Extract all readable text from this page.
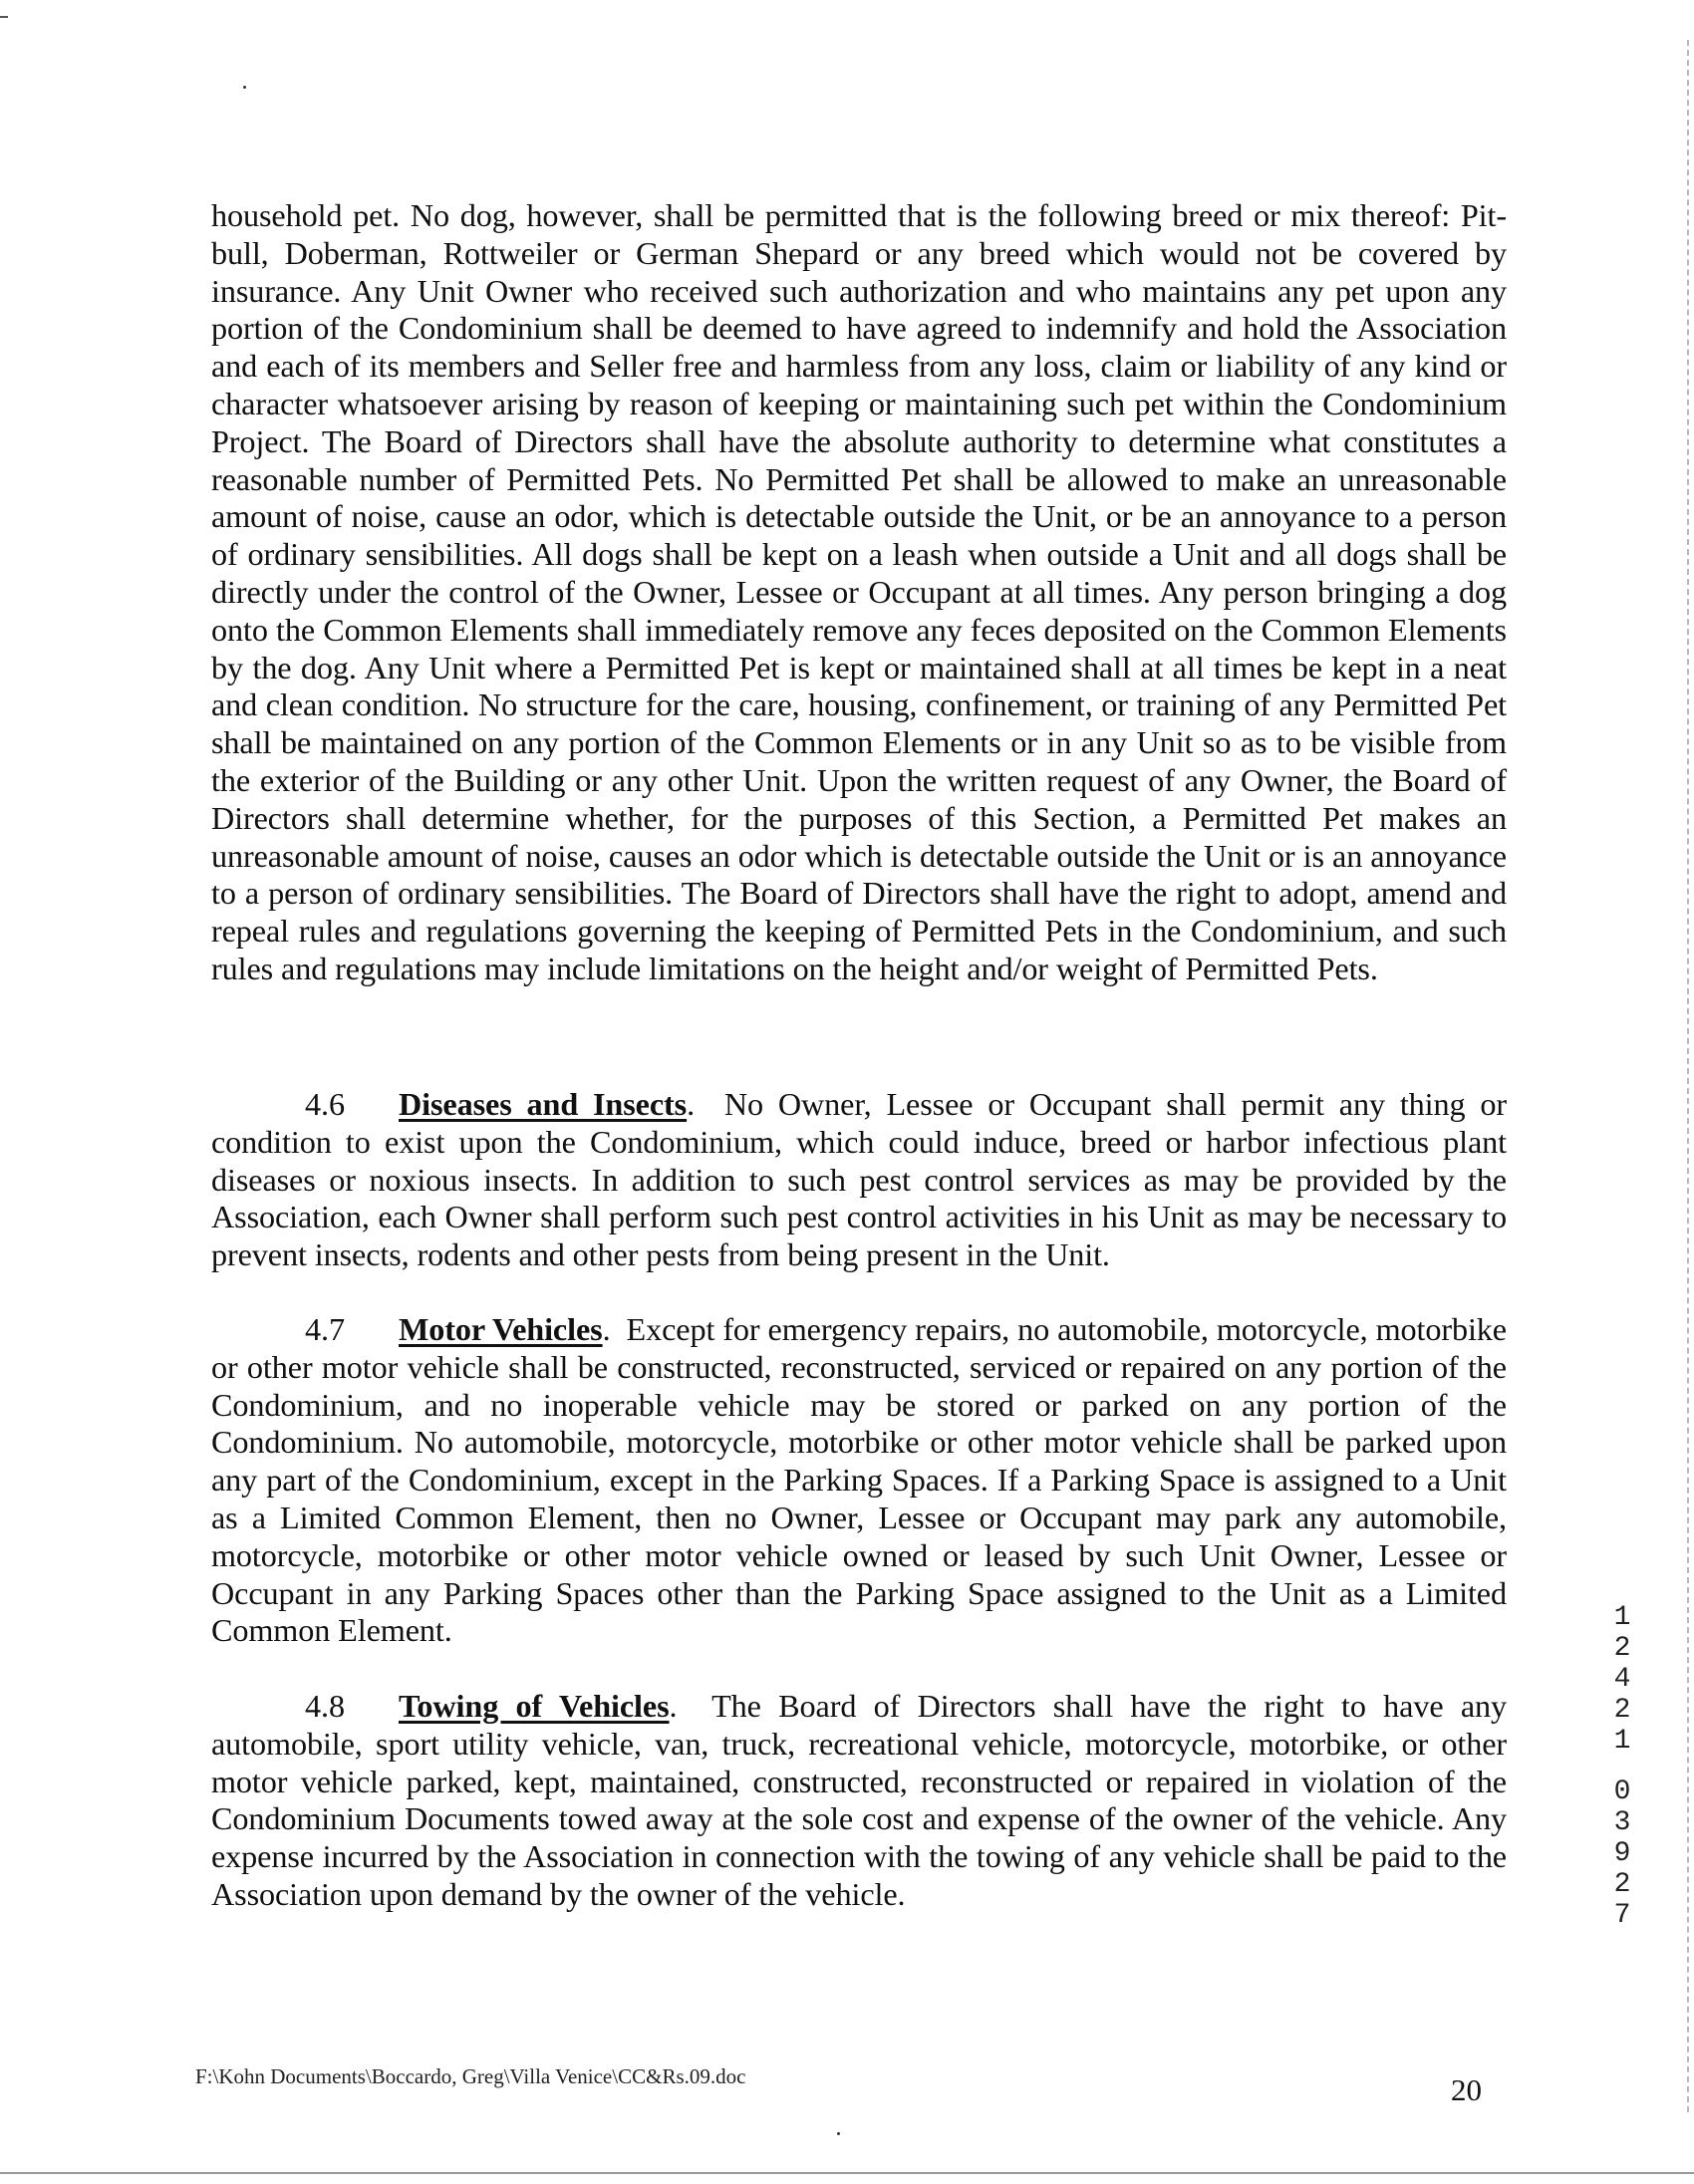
household pet. No dog, however, shall be permitted that is the following breed or mix thereof: Pit-bull, Doberman, Rottweiler or German Shepard or any breed which would not be covered by insurance. Any Unit Owner who received such authorization and who maintains any pet upon any portion of the Condominium shall be deemed to have agreed to indemnify and hold the Association and each of its members and Seller free and harmless from any loss, claim or liability of any kind or character whatsoever arising by reason of keeping or maintaining such pet within the Condominium Project. The Board of Directors shall have the absolute authority to determine what constitutes a reasonable number of Permitted Pets. No Permitted Pet shall be allowed to make an unreasonable amount of noise, cause an odor, which is detectable outside the Unit, or be an annoyance to a person of ordinary sensibilities. All dogs shall be kept on a leash when outside a Unit and all dogs shall be directly under the control of the Owner, Lessee or Occupant at all times. Any person bringing a dog onto the Common Elements shall immediately remove any feces deposited on the Common Elements by the dog. Any Unit where a Permitted Pet is kept or maintained shall at all times be kept in a neat and clean condition. No structure for the care, housing, confinement, or training of any Permitted Pet shall be maintained on any portion of the Common Elements or in any Unit so as to be visible from the exterior of the Building or any other Unit. Upon the written request of any Owner, the Board of Directors shall determine whether, for the purposes of this Section, a Permitted Pet makes an unreasonable amount of noise, causes an odor which is detectable outside the Unit or is an annoyance to a person of ordinary sensibilities. The Board of Directors shall have the right to adopt, amend and repeal rules and regulations governing the keeping of Permitted Pets in the Condominium, and such rules and regulations may include limitations on the height and/or weight of Permitted Pets.

4.6 Diseases and Insects.  No Owner, Lessee or Occupant shall permit any thing or condition to exist upon the Condominium, which could induce, breed or harbor infectious plant diseases or noxious insects. In addition to such pest control services as may be provided by the Association, each Owner shall perform such pest control activities in his Unit as may be necessary to prevent insects, rodents and other pests from being present in the Unit.

4.7 Motor Vehicles.  Except for emergency repairs, no automobile, motorcycle, motorbike or other motor vehicle shall be constructed, reconstructed, serviced or repaired on any portion of the Condominium, and no inoperable vehicle may be stored or parked on any portion of the Condominium. No automobile, motorcycle, motorbike or other motor vehicle shall be parked upon any part of the Condominium, except in the Parking Spaces. If a Parking Space is assigned to a Unit as a Limited Common Element, then no Owner, Lessee or Occupant may park any automobile, motorcycle, motorbike or other motor vehicle owned or leased by such Unit Owner, Lessee or Occupant in any Parking Spaces other than the Parking Space assigned to the Unit as a Limited Common Element.

4.8 Towing of Vehicles.  The Board of Directors shall have the right to have any automobile, sport utility vehicle, van, truck, recreational vehicle, motorcycle, motorbike, or other motor vehicle parked, kept, maintained, constructed, reconstructed or repaired in violation of the Condominium Documents towed away at the sole cost and expense of the owner of the vehicle. Any expense incurred by the Association in connection with the towing of any vehicle shall be paid to the Association upon demand by the owner of the vehicle.

1
2
4
2
1
0
3
9
2
7
F:\Kohn Documents\Boccardo, Greg\Villa Venice\CC&Rs.09.doc	20
